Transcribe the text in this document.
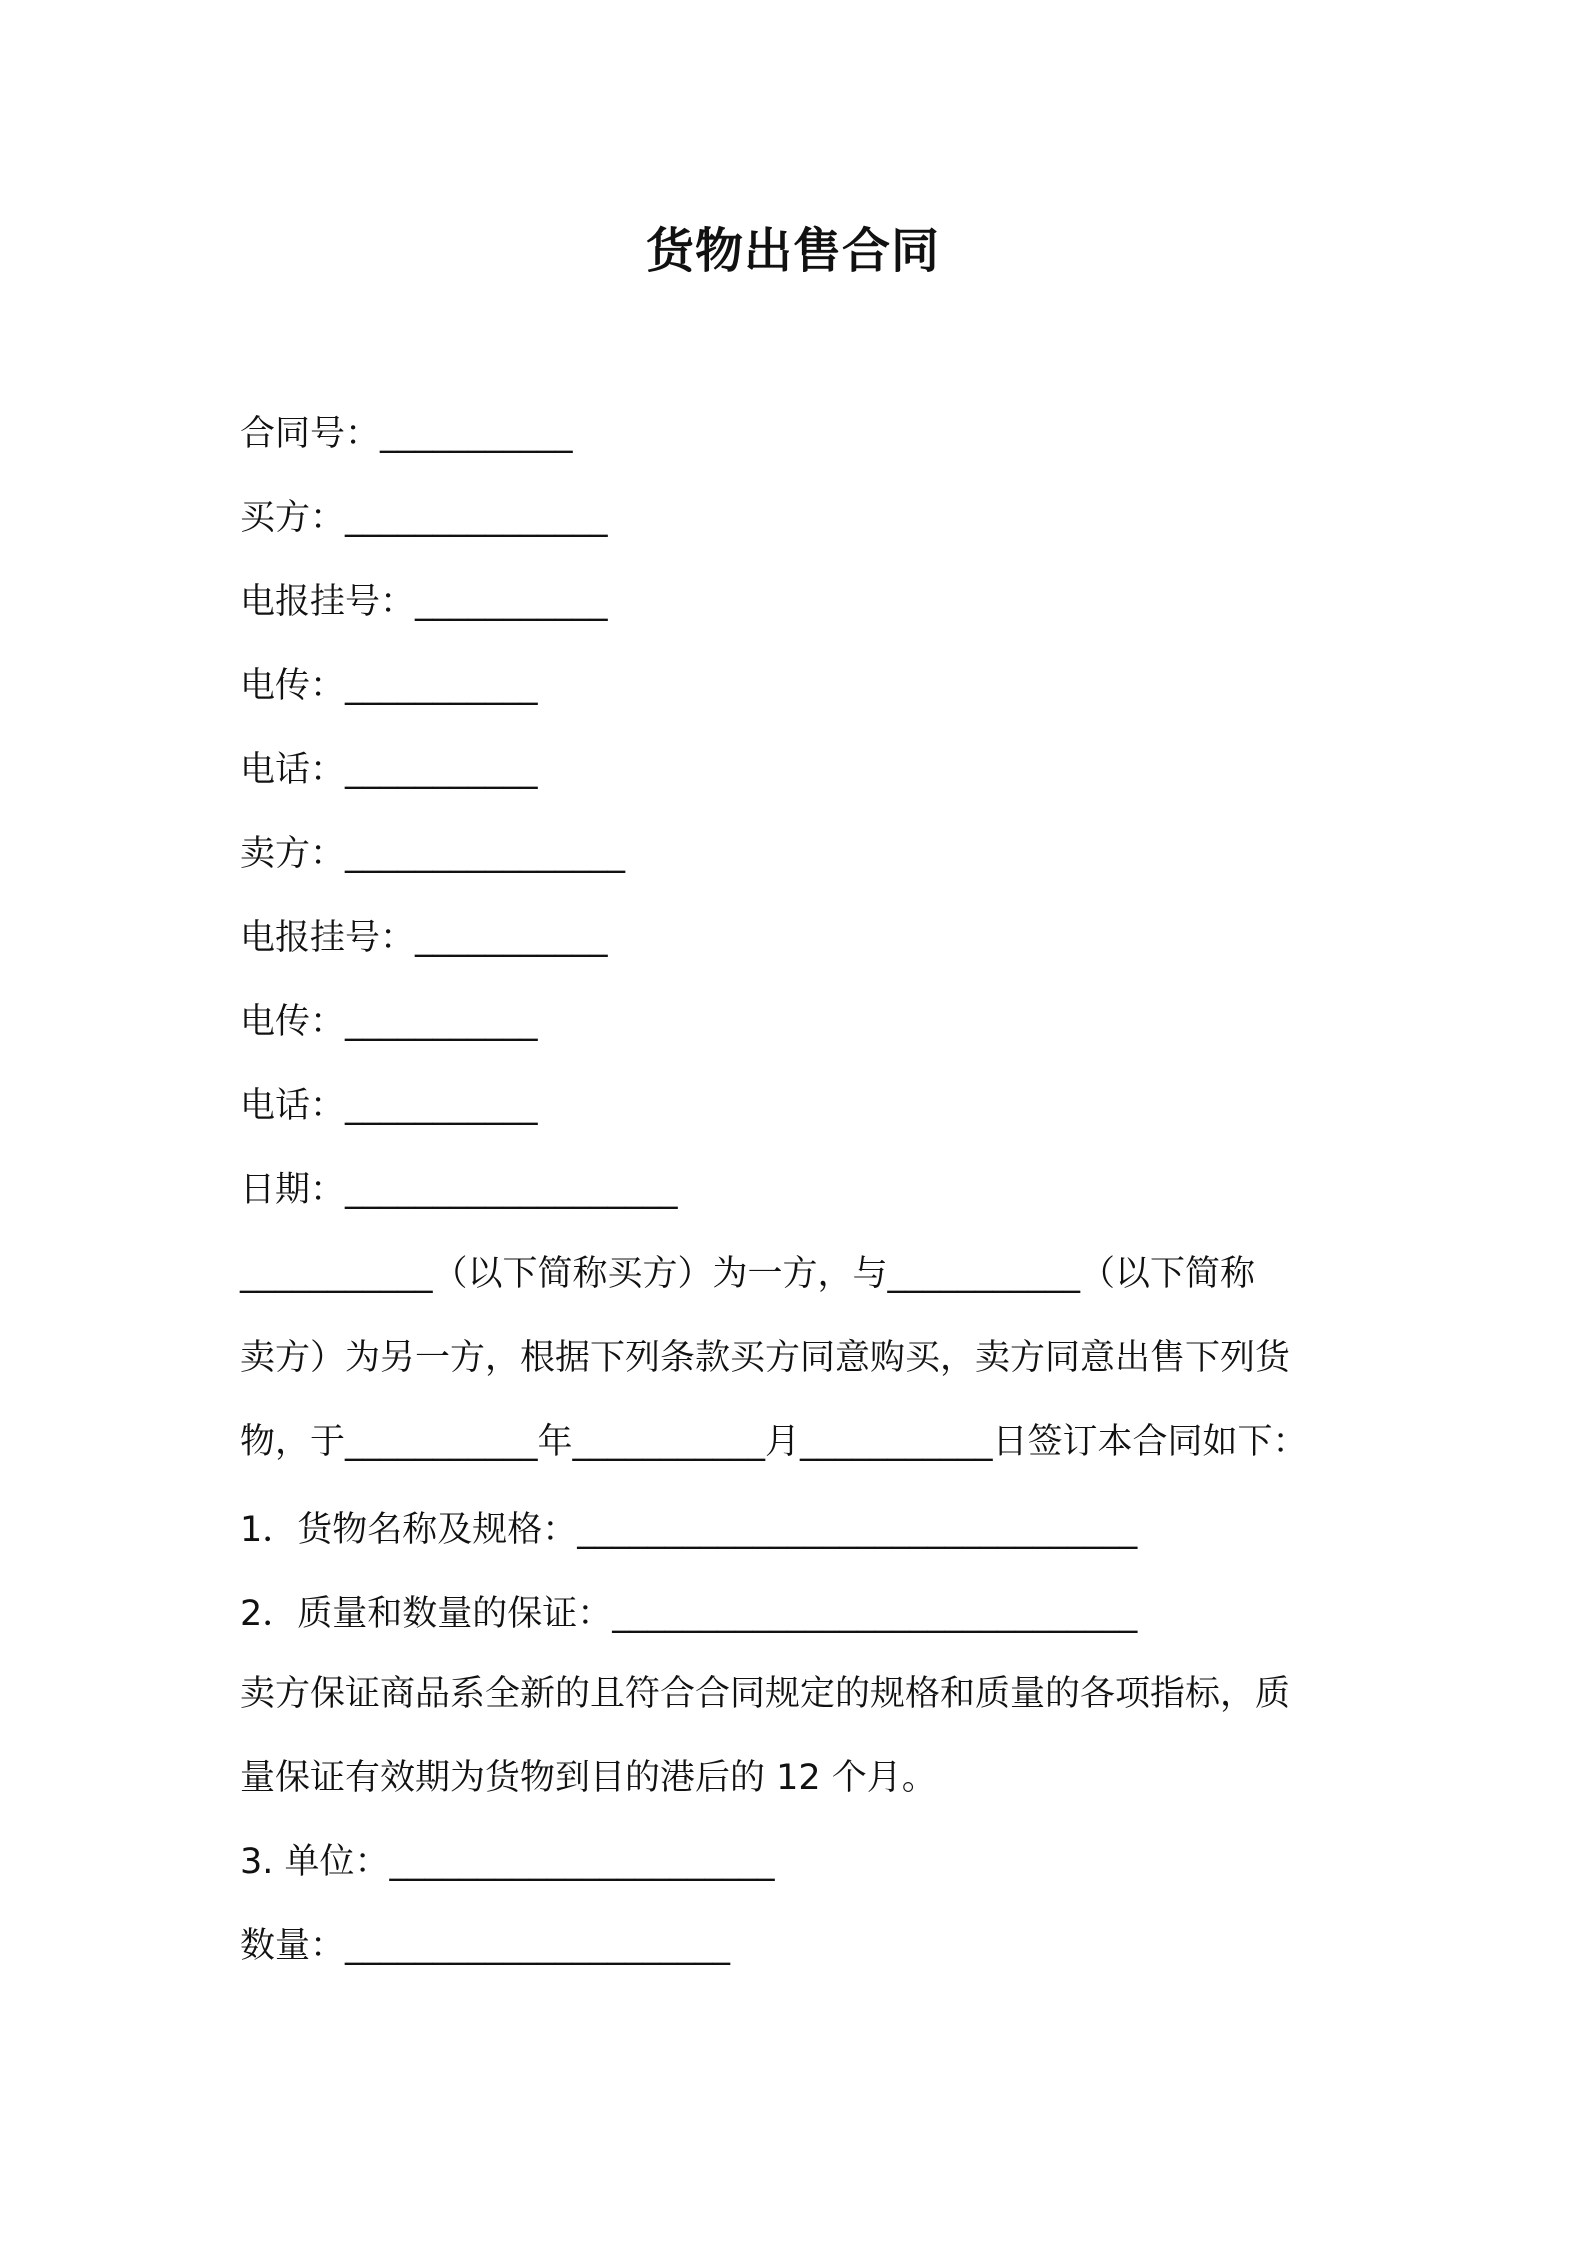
货物出售合同
合同号：___________
买方：_______________
电报挂号：___________
电传：___________
电话：___________
卖方：________________
电报挂号：___________
电传：___________
电话：___________
日期：___________________
___________（以下简称买方）为一方，与___________（以下简称
卖方）为另一方，根据下列条款买方同意购买，卖方同意出售下列货
物，于___________年___________月___________日签订本合同如下：
1．货物名称及规格：________________________________
2．质量和数量的保证：______________________________
卖方保证商品系全新的且符合合同规定的规格和质量的各项指标，质
量保证有效期为货物到目的港后的 12 个月。
3. 单位：______________________
数量：______________________
